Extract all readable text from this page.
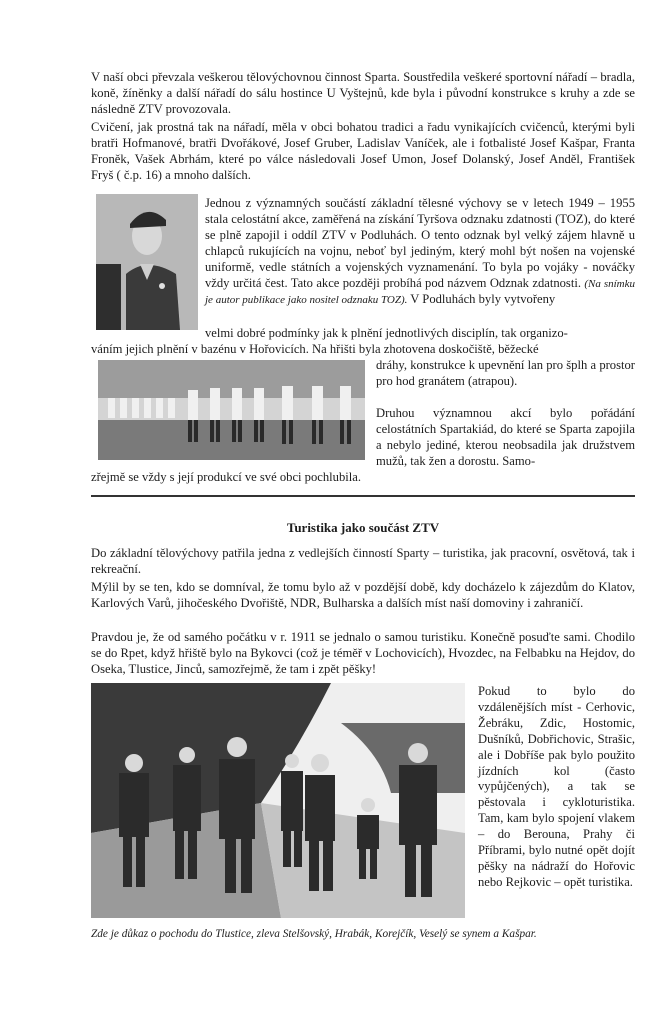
V naší obci převzala veškerou tělovýchovnou činnost Sparta. Soustředila veškeré sportovní nářadí – bradla, koně, žíněnky a další nářadí do sálu hostince U Vyštejnů, kde byla i původní konstrukce s kruhy a zde se následně ZTV provozovala.

Cvičení, jak prostná tak na nářadí, měla v obci bohatou tradici a řadu vynikajících cvičenců, kterými byli bratři Hofmanové, bratři Dvořákové, Josef Gruber, Ladislav Vaníček, ale i fotbalisté Josef Kašpar, Franta Froněk, Vašek Abrhám, které po válce následovali Josef Umon, Josef Dolanský, Josef Anděl, František Fryš ( č.p. 16) a mnoho dalších.

Jednou z významných součástí základní tělesné výchovy se v letech 1949 – 1955 stala celostátní akce, zaměřená na získání Tyršova odznaku zdatnosti (TOZ), do které se plně zapojil i oddíl ZTV v Podluhách. O tento odznak byl velký zájem hlavně u chlapců rukujících na vojnu, neboť byl jediným, který mohl být nošen na vojenské uniformě, vedle státních a vojenských vyznamenání. To byla po vojáky - nováčky vždy určitá čest. Tato akce později probíhá pod názvem Odznak zdatnosti. (Na snímku je autor publikace jako nositel odznaku TOZ). V Podluhách byly vytvořeny

velmi dobré podmínky jak k plnění jednotlivých disciplín, tak organizo-

váním jejich plnění v bazénu v Hořovicích. Na hřišti byla zhotovena doskočiště, běžecké

dráhy, konstrukce k upevnění lan pro šplh a prostor pro hod granátem (atrapou).

Druhou významnou akcí bylo pořádání celostátních Spartakiád, do které se Sparta zapojila a nebylo jediné, kterou neobsadila jak družstvem mužů, tak žen a dorostu. Samo-

zřejmě se vždy s její produkcí ve své obci pochlubila.

Turistika jako součást ZTV

Do základní tělovýchovy patřila jedna z vedlejších činností Sparty – turistika, jak pracovní, osvětová, tak i rekreační.

Mýlil by se ten, kdo se domníval, že tomu bylo až v pozdější době, kdy docházelo k zájezdům do Klatov, Karlových Varů, jihočeského Dvořiště, NDR, Bulharska a dalších míst naší domoviny i zahraničí.

Pravdou je, že od samého počátku v r. 1911 se jednalo o samou turistiku. Konečně posuďte sami. Chodilo se do Rpet, když hřiště bylo na Bykovci (což je téměř v Lochovicích), Hvozdec, na Felbabku na Hejdov, do Oseka, Tlustice, Jinců, samozřejmě, že tam i zpět pěšky!

Pokud to bylo do vzdálenějších míst - Cerhovic, Žebráku, Zdic, Hostomic, Dušníků, Dobřichovic, Strašic, ale i Dobříše pak bylo použito jízdních kol (často vypůjčených), a tak se pěstovala i cykloturistika. Tam, kam bylo spojení vlakem – do Berouna, Prahy či Příbrami, bylo nutné opět dojít pěšky na nádraží do Hořovic nebo Rejkovic – opět turistika.

Zde je důkaz o pochodu do Tlustice, zleva Stelšovský, Hrabák, Korejčík, Veselý se synem a Kašpar.
